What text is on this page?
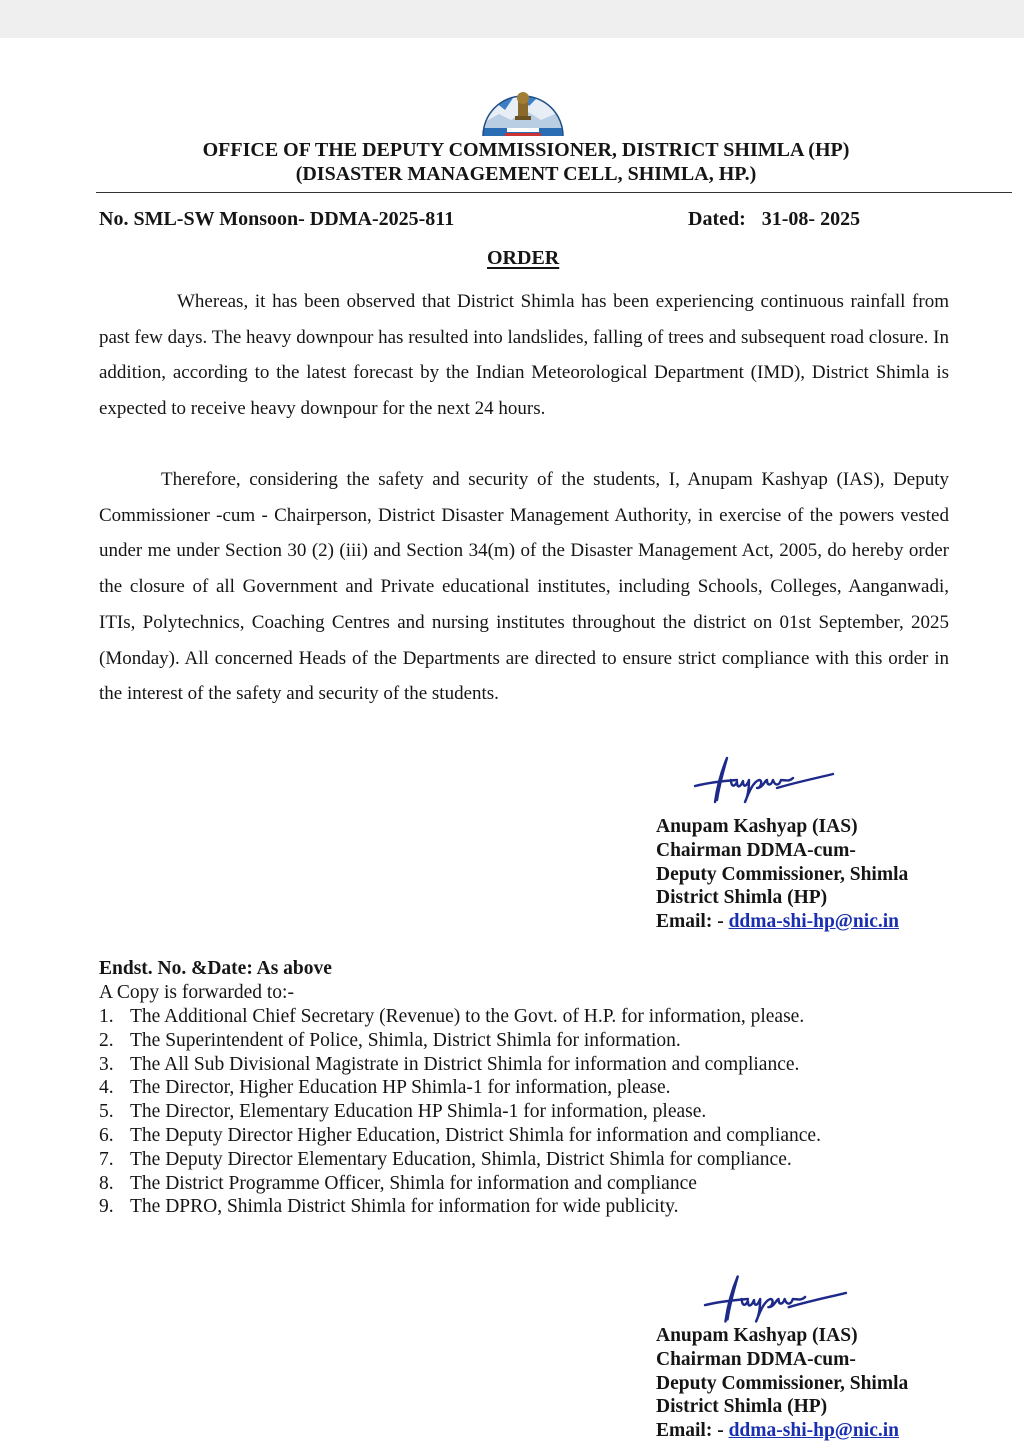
OFFICE OF THE DEPUTY COMMISSIONER, DISTRICT SHIMLA (HP)
(DISASTER MANAGEMENT CELL, SHIMLA, HP.)
No. SML-SW Monsoon- DDMA-2025-811	Dated: 31-08- 2025
ORDER

Whereas, it has been observed that District Shimla has been experiencing continuous rainfall from past few days. The heavy downpour has resulted into landslides, falling of trees and subsequent road closure. In addition, according to the latest forecast by the Indian Meteorological Department (IMD), District Shimla is expected to receive heavy downpour for the next 24 hours.

Therefore, considering the safety and security of the students, I, Anupam Kashyap (IAS), Deputy Commissioner -cum - Chairperson, District Disaster Management Authority, in exercise of the powers vested under me under Section 30 (2) (iii) and Section 34(m) of the Disaster Management Act, 2005, do hereby order the closure of all Government and Private educational institutes, including Schools, Colleges, Aanganwadi, ITIs, Polytechnics, Coaching Centres and nursing institutes throughout the district on 01st September, 2025 (Monday). All concerned Heads of the Departments are directed to ensure strict compliance with this order in the interest of the safety and security of the students.

Anupam Kashyap (IAS)
Chairman DDMA-cum-
Deputy Commissioner, Shimla
District Shimla (HP)
Email: - ddma-shi-hp@nic.in
Endst. No. &Date: As above
A Copy is forwarded to:-
1. The Additional Chief Secretary (Revenue) to the Govt. of H.P. for information, please.
2. The Superintendent of Police, Shimla, District Shimla for information.
3. The All Sub Divisional Magistrate in District Shimla for information and compliance.
4. The Director, Higher Education HP Shimla-1 for information, please.
5. The Director, Elementary Education HP Shimla-1 for information, please.
6. The Deputy Director Higher Education, District Shimla for information and compliance.
7. The Deputy Director Elementary Education, Shimla, District Shimla for compliance.
8. The District Programme Officer, Shimla for information and compliance
9. The DPRO, Shimla District Shimla for information for wide publicity.
Anupam Kashyap (IAS)
Chairman DDMA-cum-
Deputy Commissioner, Shimla
District Shimla (HP)
Email: - ddma-shi-hp@nic.in
